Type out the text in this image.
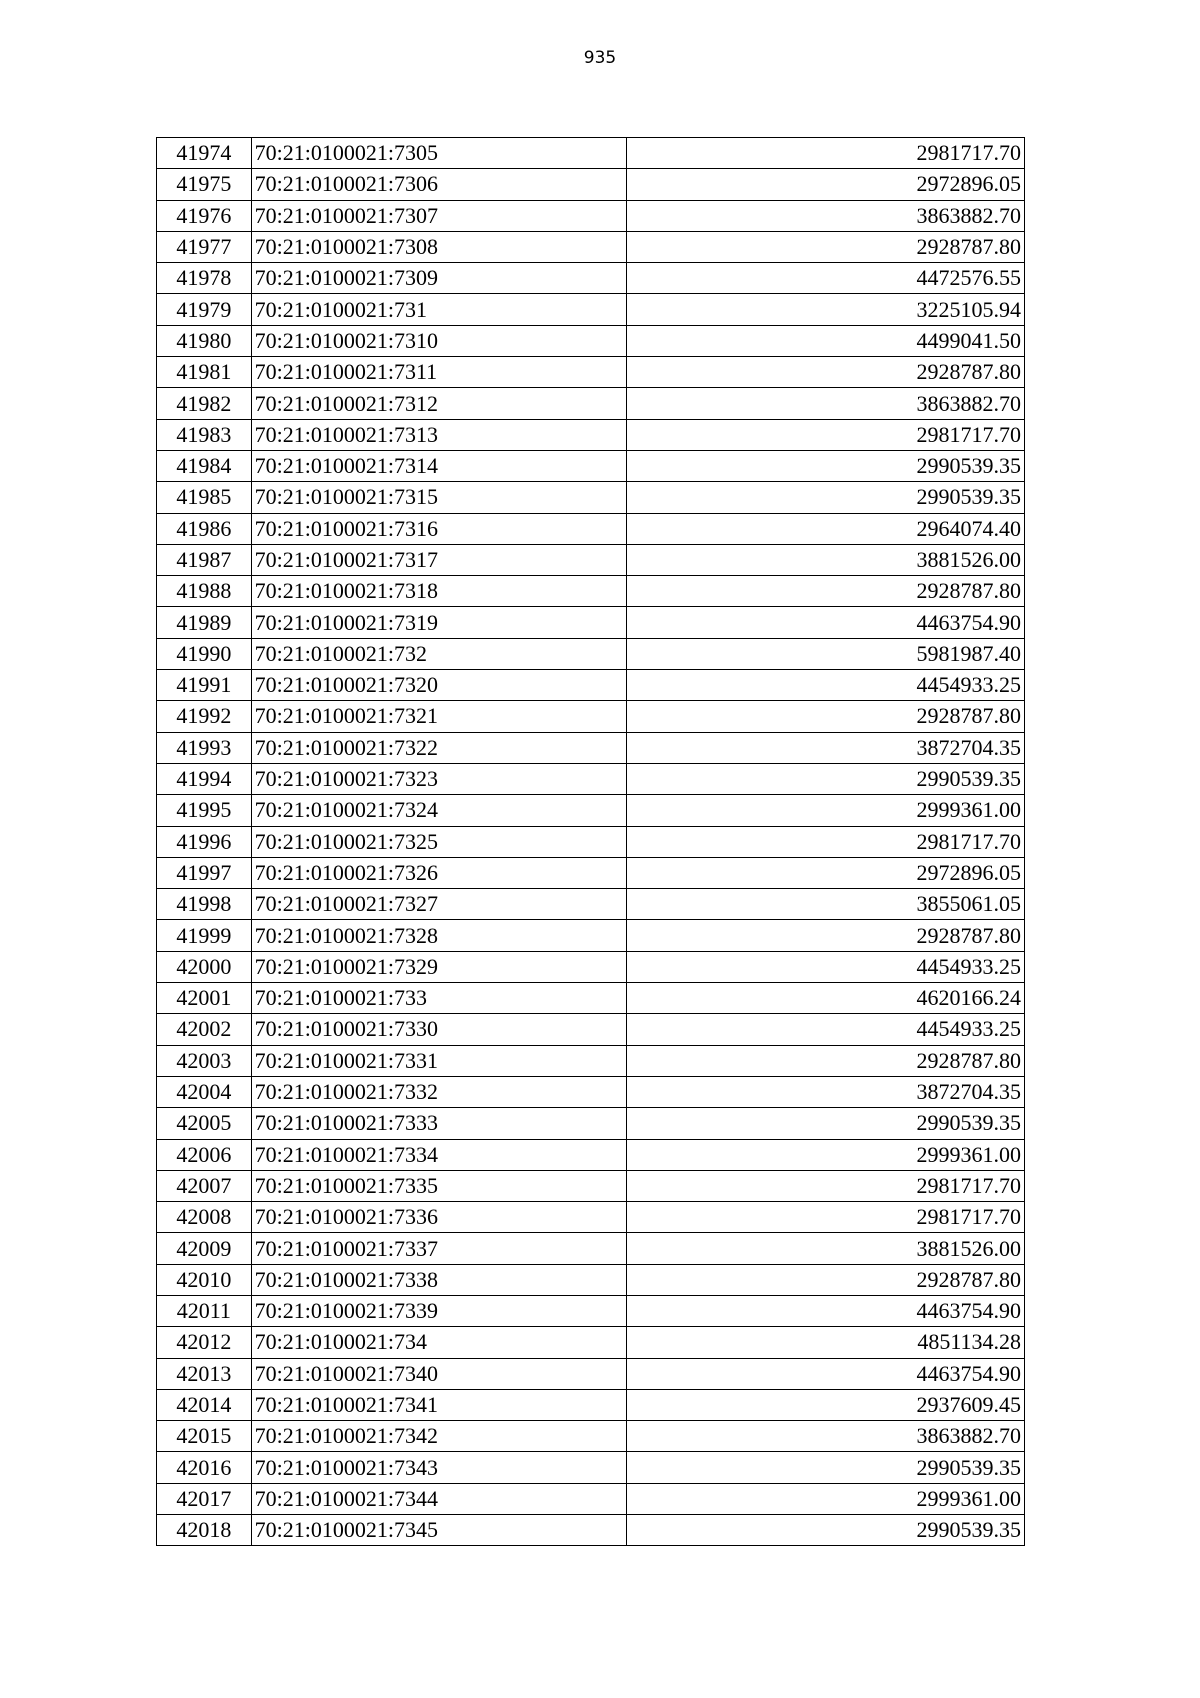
935
41974	70:21:0100021:7305	2981717.70
41975	70:21:0100021:7306	2972896.05
41976	70:21:0100021:7307	3863882.70
41977	70:21:0100021:7308	2928787.80
41978	70:21:0100021:7309	4472576.55
41979	70:21:0100021:731	3225105.94
41980	70:21:0100021:7310	4499041.50
41981	70:21:0100021:7311	2928787.80
41982	70:21:0100021:7312	3863882.70
41983	70:21:0100021:7313	2981717.70
41984	70:21:0100021:7314	2990539.35
41985	70:21:0100021:7315	2990539.35
41986	70:21:0100021:7316	2964074.40
41987	70:21:0100021:7317	3881526.00
41988	70:21:0100021:7318	2928787.80
41989	70:21:0100021:7319	4463754.90
41990	70:21:0100021:732	5981987.40
41991	70:21:0100021:7320	4454933.25
41992	70:21:0100021:7321	2928787.80
41993	70:21:0100021:7322	3872704.35
41994	70:21:0100021:7323	2990539.35
41995	70:21:0100021:7324	2999361.00
41996	70:21:0100021:7325	2981717.70
41997	70:21:0100021:7326	2972896.05
41998	70:21:0100021:7327	3855061.05
41999	70:21:0100021:7328	2928787.80
42000	70:21:0100021:7329	4454933.25
42001	70:21:0100021:733	4620166.24
42002	70:21:0100021:7330	4454933.25
42003	70:21:0100021:7331	2928787.80
42004	70:21:0100021:7332	3872704.35
42005	70:21:0100021:7333	2990539.35
42006	70:21:0100021:7334	2999361.00
42007	70:21:0100021:7335	2981717.70
42008	70:21:0100021:7336	2981717.70
42009	70:21:0100021:7337	3881526.00
42010	70:21:0100021:7338	2928787.80
42011	70:21:0100021:7339	4463754.90
42012	70:21:0100021:734	4851134.28
42013	70:21:0100021:7340	4463754.90
42014	70:21:0100021:7341	2937609.45
42015	70:21:0100021:7342	3863882.70
42016	70:21:0100021:7343	2990539.35
42017	70:21:0100021:7344	2999361.00
42018	70:21:0100021:7345	2990539.35
